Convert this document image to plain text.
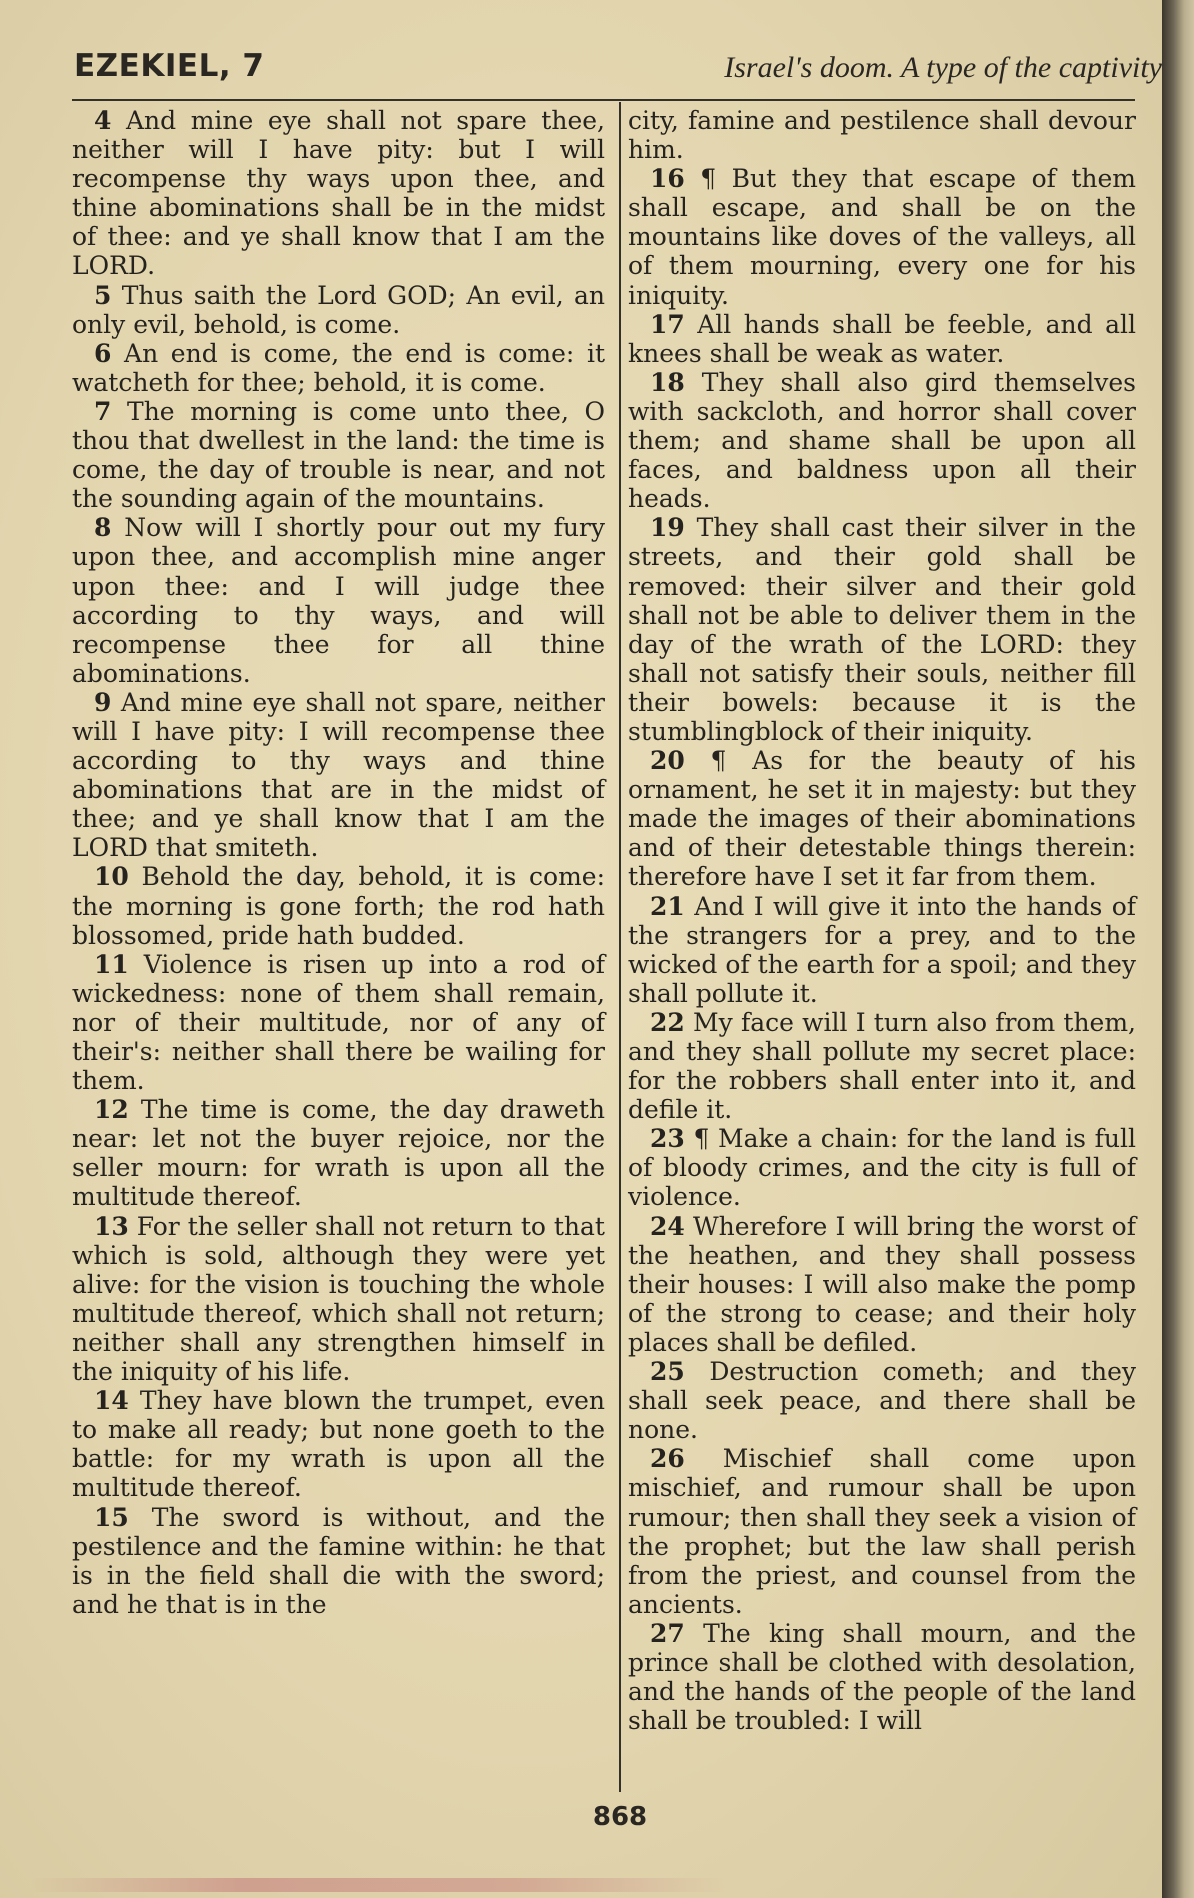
EZEKIEL, 7	Israel's doom. A type of the captivity

4 And mine eye shall not spare thee, neither will I have pity: but I will recompense thy ways upon thee, and thine abominations shall be in the midst of thee: and ye shall know that I am the LORD.

5 Thus saith the Lord GOD; An evil, an only evil, behold, is come.

6 An end is come, the end is come: it watcheth for thee; behold, it is come.

7 The morning is come unto thee, O thou that dwellest in the land: the time is come, the day of trouble is near, and not the sounding again of the mountains.

8 Now will I shortly pour out my fury upon thee, and accomplish mine anger upon thee: and I will judge thee according to thy ways, and will recompense thee for all thine abominations.

9 And mine eye shall not spare, neither will I have pity: I will recompense thee according to thy ways and thine abominations that are in the midst of thee; and ye shall know that I am the LORD that smiteth.

10 Behold the day, behold, it is come: the morning is gone forth; the rod hath blossomed, pride hath budded.

11 Violence is risen up into a rod of wickedness: none of them shall remain, nor of their multitude, nor of any of their's: neither shall there be wailing for them.

12 The time is come, the day draweth near: let not the buyer rejoice, nor the seller mourn: for wrath is upon all the multitude thereof.

13 For the seller shall not return to that which is sold, although they were yet alive: for the vision is touching the whole multitude thereof, which shall not return; neither shall any strengthen himself in the iniquity of his life.

14 They have blown the trumpet, even to make all ready; but none goeth to the battle: for my wrath is upon all the multitude thereof.

15 The sword is without, and the pestilence and the famine within: he that is in the field shall die with the sword; and he that is in the

city, famine and pestilence shall devour him.

16 ¶ But they that escape of them shall escape, and shall be on the mountains like doves of the valleys, all of them mourning, every one for his iniquity.

17 All hands shall be feeble, and all knees shall be weak as water.

18 They shall also gird themselves with sackcloth, and horror shall cover them; and shame shall be upon all faces, and baldness upon all their heads.

19 They shall cast their silver in the streets, and their gold shall be removed: their silver and their gold shall not be able to deliver them in the day of the wrath of the LORD: they shall not satisfy their souls, neither fill their bowels: because it is the stumblingblock of their iniquity.

20 ¶ As for the beauty of his ornament, he set it in majesty: but they made the images of their abominations and of their detestable things therein: therefore have I set it far from them.

21 And I will give it into the hands of the strangers for a prey, and to the wicked of the earth for a spoil; and they shall pollute it.

22 My face will I turn also from them, and they shall pollute my secret place: for the robbers shall enter into it, and defile it.

23 ¶ Make a chain: for the land is full of bloody crimes, and the city is full of violence.

24 Wherefore I will bring the worst of the heathen, and they shall possess their houses: I will also make the pomp of the strong to cease; and their holy places shall be defiled.

25 Destruction cometh; and they shall seek peace, and there shall be none.

26 Mischief shall come upon mischief, and rumour shall be upon rumour; then shall they seek a vision of the prophet; but the law shall perish from the priest, and counsel from the ancients.

27 The king shall mourn, and the prince shall be clothed with desolation, and the hands of the people of the land shall be troubled: I will

868
